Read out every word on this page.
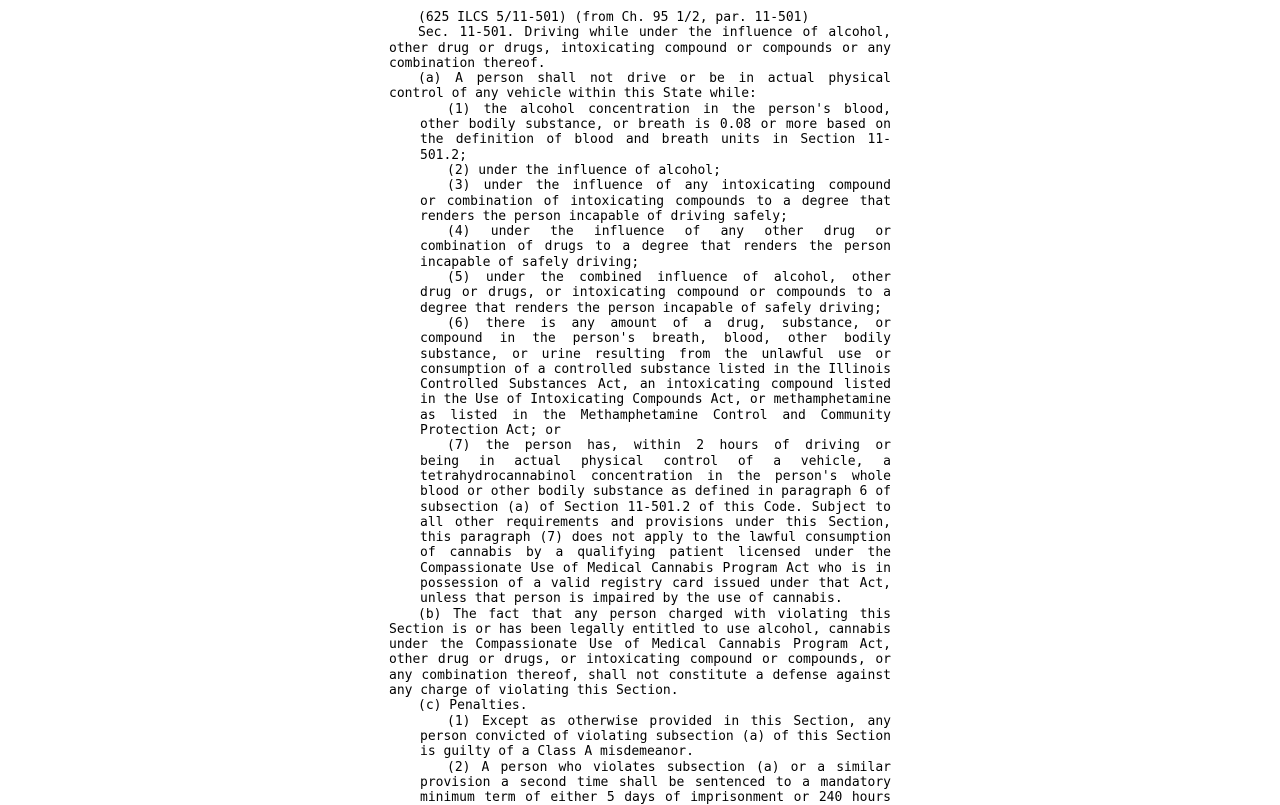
(625 ILCS 5/11-501) (from Ch. 95 1/2, par. 11-501)
Sec. 11-501. Driving while under the influence of alcohol,
other drug or drugs, intoxicating compound or compounds or any
combination thereof.
(a) A person shall not drive or be in actual physical
control of any vehicle within this State while:
(1) the alcohol concentration in the person's blood,
other bodily substance, or breath is 0.08 or more based on
the definition of blood and breath units in Section 11-
501.2;
(2) under the influence of alcohol;
(3) under the influence of any intoxicating compound
or combination of intoxicating compounds to a degree that
renders the person incapable of driving safely;
(4) under the influence of any other drug or
combination of drugs to a degree that renders the person
incapable of safely driving;
(5) under the combined influence of alcohol, other
drug or drugs, or intoxicating compound or compounds to a
degree that renders the person incapable of safely driving;
(6) there is any amount of a drug, substance, or
compound in the person's breath, blood, other bodily
substance, or urine resulting from the unlawful use or
consumption of a controlled substance listed in the Illinois
Controlled Substances Act, an intoxicating compound listed
in the Use of Intoxicating Compounds Act, or methamphetamine
as listed in the Methamphetamine Control and Community
Protection Act; or
(7) the person has, within 2 hours of driving or
being in actual physical control of a vehicle, a
tetrahydrocannabinol concentration in the person's whole
blood or other bodily substance as defined in paragraph 6 of
subsection (a) of Section 11-501.2 of this Code. Subject to
all other requirements and provisions under this Section,
this paragraph (7) does not apply to the lawful consumption
of cannabis by a qualifying patient licensed under the
Compassionate Use of Medical Cannabis Program Act who is in
possession of a valid registry card issued under that Act,
unless that person is impaired by the use of cannabis.
(b) The fact that any person charged with violating this
Section is or has been legally entitled to use alcohol, cannabis
under the Compassionate Use of Medical Cannabis Program Act,
other drug or drugs, or intoxicating compound or compounds, or
any combination thereof, shall not constitute a defense against
any charge of violating this Section.
(c) Penalties.
(1) Except as otherwise provided in this Section, any
person convicted of violating subsection (a) of this Section
is guilty of a Class A misdemeanor.
(2) A person who violates subsection (a) or a similar
provision a second time shall be sentenced to a mandatory
minimum term of either 5 days of imprisonment or 240 hours
